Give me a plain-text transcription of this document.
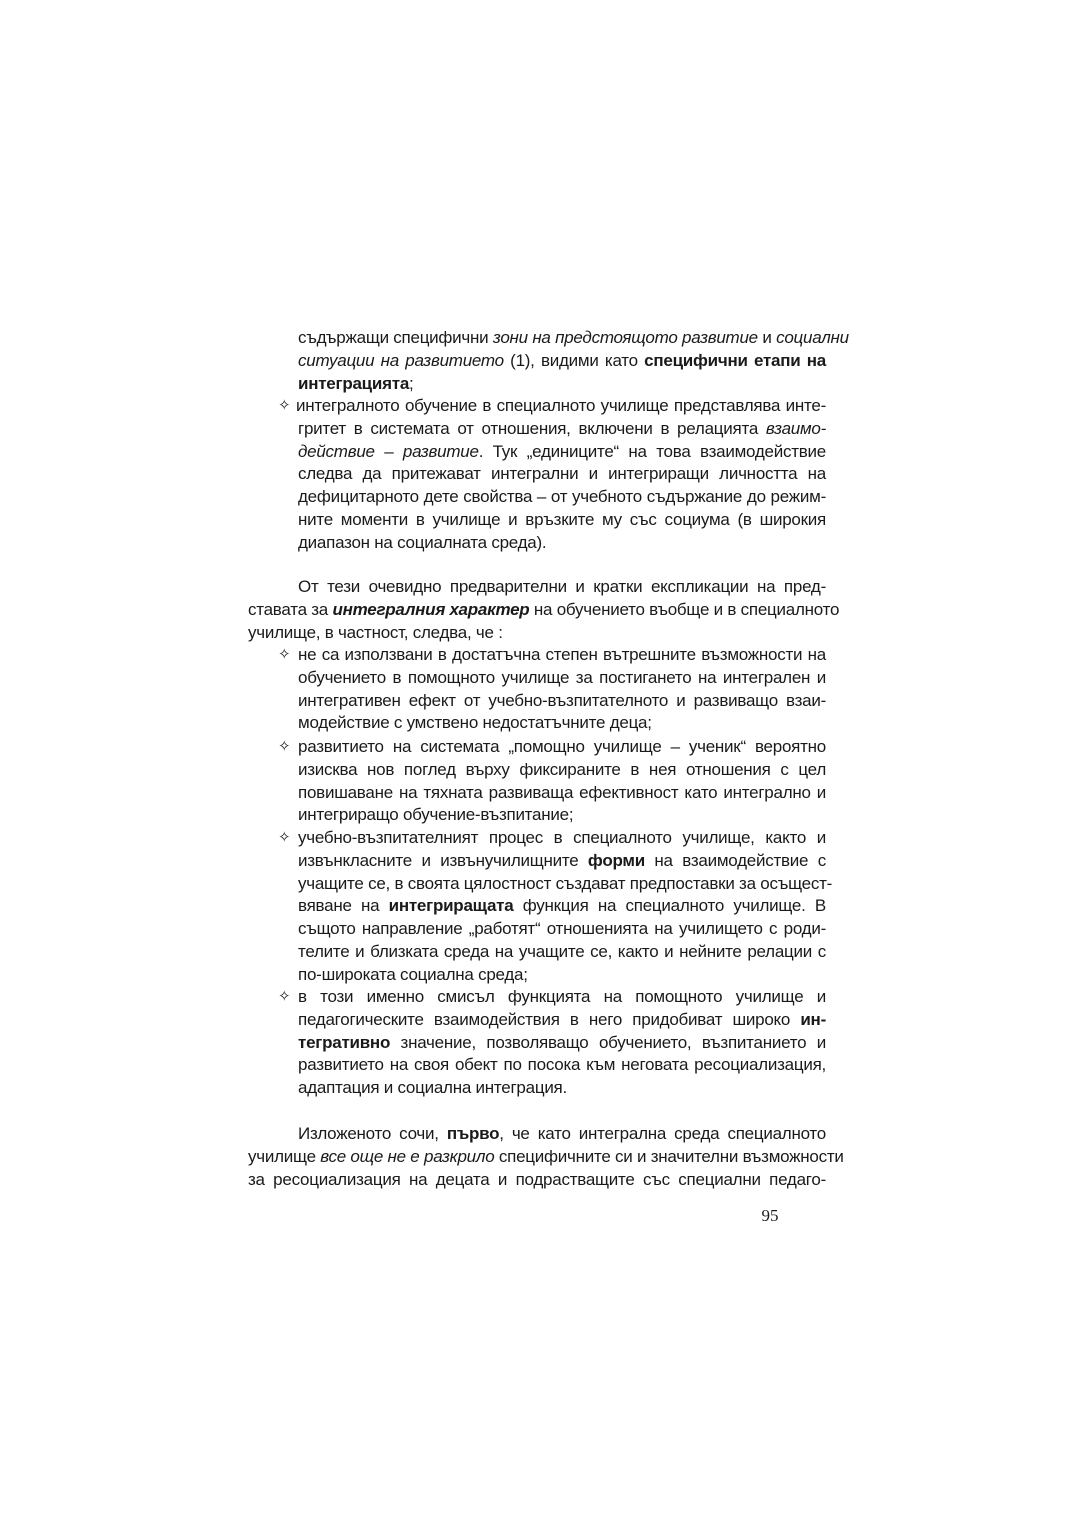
съдържащи специфични зони на предстоящото развитие и социални

ситуации на развитието (1), видими като специфични етапи на

интеграцията;

интегралното обучение в специалното училище представлява инте-

гритет в системата от отношения, включени в релацията взаимо-

действие – развитие. Тук „единиците“ на това взаимодействие

следва да притежават интегрални и интегриращи личността на

дефицитарното дете свойства – от учебното съдържание до режим-

ните моменти в училище и връзките му със социума (в широкия

диапазон на социалната среда).

✧

От тези очевидно предварителни и кратки експликации на пред-

ставата за интегралния характер на обучението въобще и в специалното

училище, в частност, следва, че :

✧ не са използвани в достатъчна степен вътрешните възможности на

обучението в помощното училище за постигането на интегрален и

интегративен ефект от учебно-възпитателното и развиващо взаи-

модействие с умствено недостатъчните деца;

✧ развитието на системата „помощно училище – ученик“ вероятно

изисква нов поглед върху фиксираните в нея отношения с цел

повишаване на тяхната развиваща ефективност като интегрално и

интегриращо обучение-възпитание;

✧ учебно-възпитателният процес в специалното училище, както и

извънкласните и извънучилищните форми на взаимодействие с

учащите се, в своята цялостност създават предпоставки за осъщест-

вяване на интегриращата функция на специалното училище. В

същото направление „работят“ отношенията на училището с роди-

телите и близката среда на учащите се, както и нейните релации с

по-широката социална среда;

✧ в този именно смисъл функцията на помощното училище и

педагогическите взаимодействия в него придобиват широко ин-

тегративно значение, позволяващо обучението, възпитанието и

развитието на своя обект по посока към неговата ресоциализация,

адаптация и социална интеграция.

Изложеното сочи, първо, че като интегрална среда специалното

училище все още не е разкрило специфичните си и значителни възможности

за ресоциализация на децата и подрастващите със специални педаго-

95
